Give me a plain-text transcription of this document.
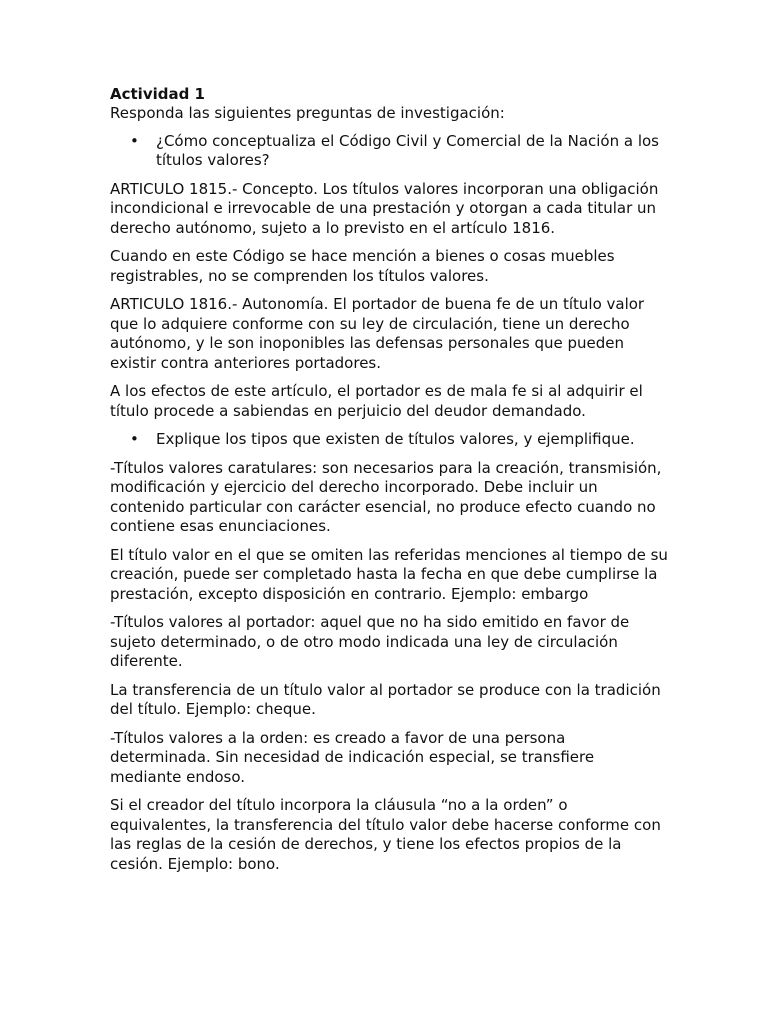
Actividad 1

Responda las siguientes preguntas de investigación:

• ¿Cómo conceptualiza el Código Civil y Comercial de la Nación a los títulos valores?

ARTICULO 1815.- Concepto. Los títulos valores incorporan una obligación incondicional e irrevocable de una prestación y otorgan a cada titular un derecho autónomo, sujeto a lo previsto en el artículo 1816.

Cuando en este Código se hace mención a bienes o cosas muebles registrables, no se comprenden los títulos valores.

ARTICULO 1816.- Autonomía. El portador de buena fe de un título valor que lo adquiere conforme con su ley de circulación, tiene un derecho autónomo, y le son inoponibles las defensas personales que pueden existir contra anteriores portadores.

A los efectos de este artículo, el portador es de mala fe si al adquirir el título procede a sabiendas en perjuicio del deudor demandado.

• Explique los tipos que existen de títulos valores, y ejemplifique.

-Títulos valores caratulares: son necesarios para la creación, transmisión, modificación y ejercicio del derecho incorporado. Debe incluir un contenido particular con carácter esencial, no produce efecto cuando no contiene esas enunciaciones.

El título valor en el que se omiten las referidas menciones al tiempo de su creación, puede ser completado hasta la fecha en que debe cumplirse la prestación, excepto disposición en contrario. Ejemplo: embargo

-Títulos valores al portador: aquel que no ha sido emitido en favor de sujeto determinado, o de otro modo indicada una ley de circulación diferente.

La transferencia de un título valor al portador se produce con la tradición del título. Ejemplo: cheque.

-Títulos valores a la orden: es creado a favor de una persona determinada. Sin necesidad de indicación especial, se transfiere mediante endoso.

Si el creador del título incorpora la cláusula “no a la orden” o equivalentes, la transferencia del título valor debe hacerse conforme con las reglas de la cesión de derechos, y tiene los efectos propios de la cesión. Ejemplo: bono.
